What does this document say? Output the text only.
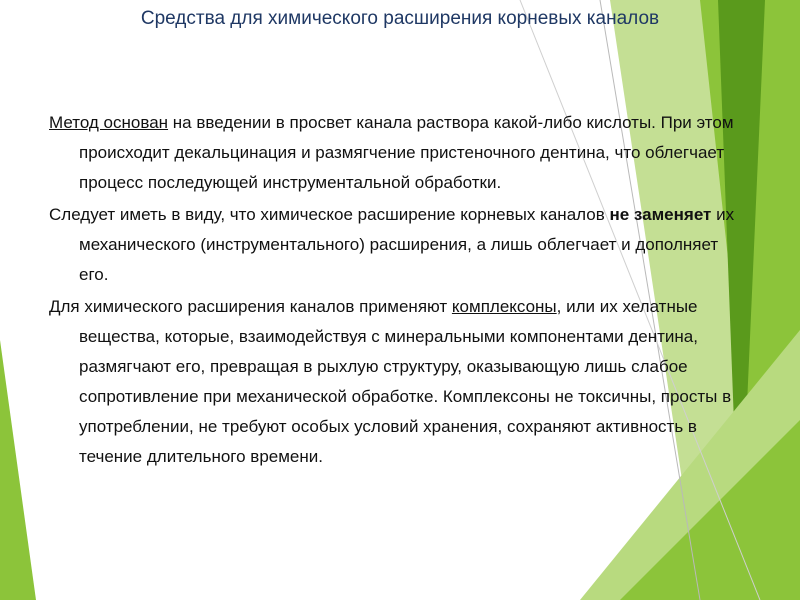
Средства для химического расширения корневых каналов

Метод основан на введении в просвет канала раствора какой-либо кислоты. При этом происходит декальцинация и размягчение пристеночного дентина, что облегчает процесс последующей инструментальной обработки.

Следует иметь в виду, что химическое расширение корневых каналов не заменяет их механического (инструментального) расширения, а лишь облегчает и дополняет его.

Для химического расширения каналов применяют комплексоны, или их хелатные вещества, которые, взаимодействуя с минеральными компонентами дентина, размягчают его, превращая в рыхлую структуру, оказывающую лишь слабое сопротивление при механической обработке. Комплексоны не токсичны, просты в употреблении, не требуют особых условий хранения, сохраняют активность в течение длительного времени.
